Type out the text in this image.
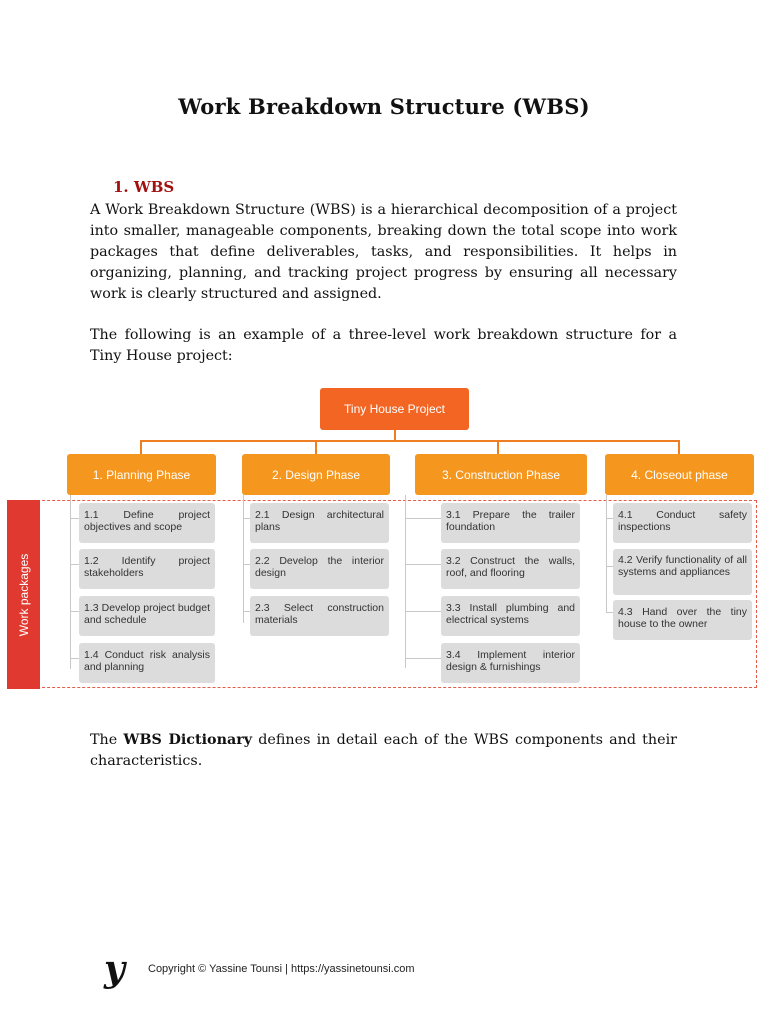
Work Breakdown Structure (WBS)
1. WBS

A Work Breakdown Structure (WBS) is a hierarchical decomposition of a project into smaller, manageable components, breaking down the total scope into work packages that define deliverables, tasks, and responsibilities. It helps in organizing, planning, and tracking project progress by ensuring all necessary work is clearly structured and assigned.

The following is an example of a three-level work breakdown structure for a Tiny House project:

Tiny House Project
1. Planning Phase	2. Design Phase	3. Construction Phase	4. Closeout phase
Work packages
1.1 Define project objectives and scope
1.2 Identify project stakeholders
1.3 Develop project budget and schedule
1.4 Conduct risk analysis and planning
2.1 Design architectural plans
2.2 Develop the interior design
2.3 Select construction materials
3.1 Prepare the trailer foundation
3.2 Construct the walls, roof, and flooring
3.3 Install plumbing and electrical systems
3.4 Implement interior design & furnishings
4.1 Conduct safety inspections
4.2 Verify functionality of all systems and appliances
4.3 Hand over the tiny house to the owner

The WBS Dictionary defines in detail each of the WBS components and their characteristics.

y Copyright © Yassine Tounsi | https://yassinetounsi.com
